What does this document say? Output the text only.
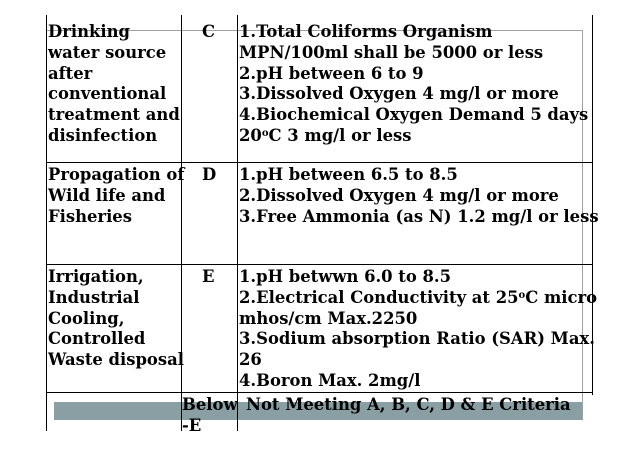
Drinking
water source
after
conventional
treatment and
disinfection
C 1.Total Coliforms Organism
MPN/100ml shall be 5000 or less
2.pH between 6 to 9
3.Dissolved Oxygen 4 mg/l or more
4.Biochemical Oxygen Demand 5 days
20$^o$C 3 mg/l or less
Propagation of
Wild life and
Fisheries
D 1.pH between 6.5 to 8.5
2.Dissolved Oxygen 4 mg/l or more
3.Free Ammonia (as N) 1.2 mg/l or less
Irrigation,
Industrial
Cooling,
Controlled
Waste disposal
E 1.pH betwwn 6.0 to 8.5
2.Electrical Conductivity at 25$^o$C micro
mhos/cm Max.2250
3.Sodium absorption Ratio (SAR) Max.
26
4.Boron Max. 2mg/l
Below
-E
Not Meeting A, B, C, D & E Criteria
